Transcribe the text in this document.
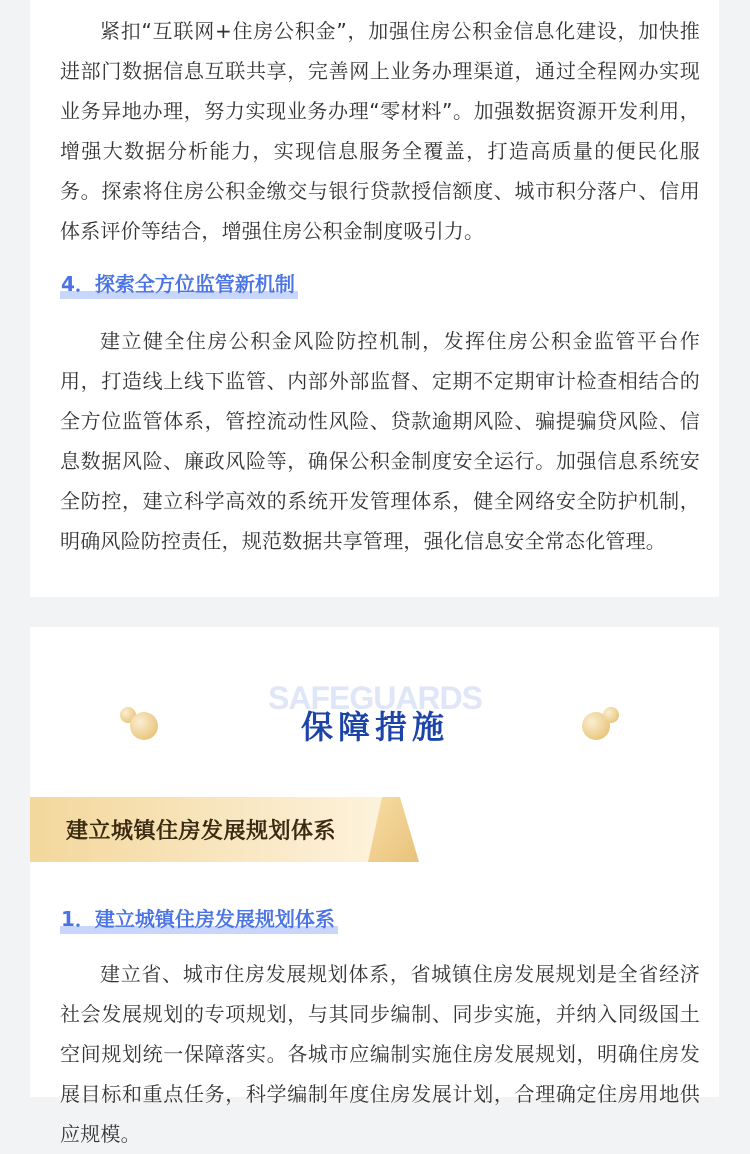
紧扣“互联网+住房公积金”，加强住房公积金信息化建设，加快推进部门数据信息互联共享，完善网上业务办理渠道，通过全程网办实现业务异地办理，努力实现业务办理“零材料”。加强数据资源开发利用，增强大数据分析能力，实现信息服务全覆盖，打造高质量的便民化服务。探索将住房公积金缴交与银行贷款授信额度、城市积分落户、信用体系评价等结合，增强住房公积金制度吸引力。

4．探索全方位监管新机制

建立健全住房公积金风险防控机制，发挥住房公积金监管平台作用，打造线上线下监管、内部外部监督、定期不定期审计检查相结合的全方位监管体系，管控流动性风险、贷款逾期风险、骗提骗贷风险、信息数据风险、廉政风险等，确保公积金制度安全运行。加强信息系统安全防控，建立科学高效的系统开发管理体系，健全网络安全防护机制，明确风险防控责任，规范数据共享管理，强化信息安全常态化管理。

SAFEGUARDS
保障措施
建立城镇住房发展规划体系
1．建立城镇住房发展规划体系

建立省、城市住房发展规划体系，省城镇住房发展规划是全省经济社会发展规划的专项规划，与其同步编制、同步实施，并纳入同级国土空间规划统一保障落实。各城市应编制实施住房发展规划，明确住房发展目标和重点任务，科学编制年度住房发展计划，合理确定住房用地供应规模。
